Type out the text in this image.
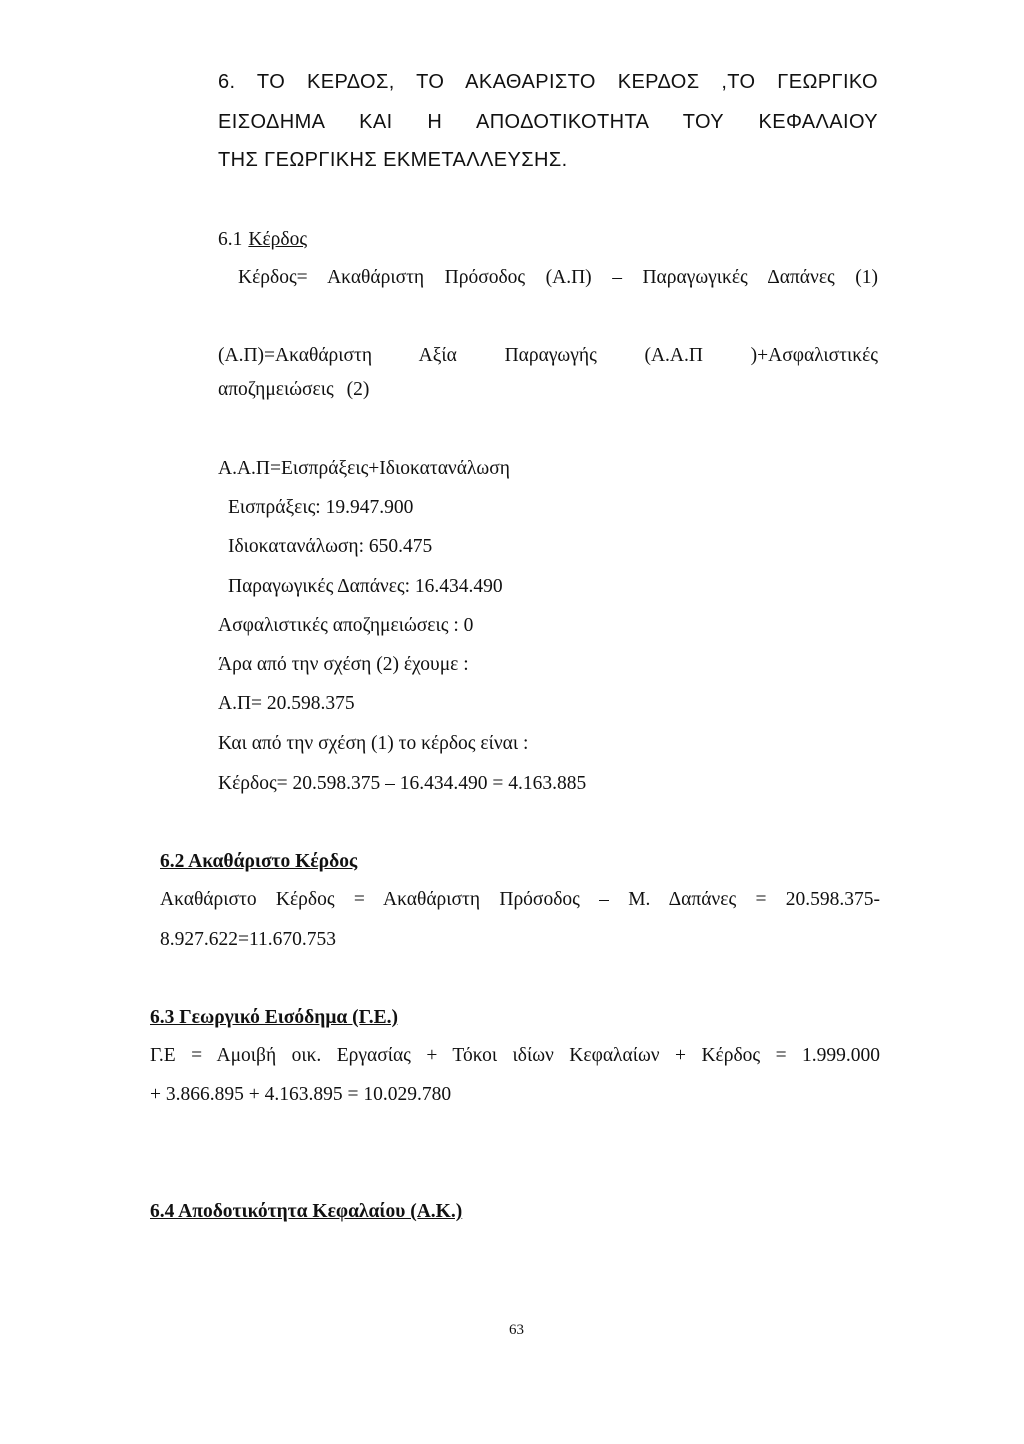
6. ΤΟ ΚΕΡΔΟΣ, ΤΟ ΑΚΑΘΑΡΙΣΤΟ ΚΕΡΔΟΣ ,ΤΟ ΓΕΩΡΓΙΚΟ
ΕΙΣΟΔΗΜΑ ΚΑΙ Η ΑΠΟΔΟΤΙΚΟΤΗΤΑ ΤΟΥ ΚΕΦΑΛΑΙΟΥ
ΤΗΣ ΓΕΩΡΓΙΚΗΣ ΕΚΜΕΤΑΛΛΕΥΣΗΣ.
6.1 Κέρδος
Κέρδος= Ακαθάριστη Πρόσοδος (Α.Π) – Παραγωγικές Δαπάνες (1)
(Α.Π)=Ακαθάριστη Αξία Παραγωγής (Α.Α.Π )+Ασφαλιστικές
αποζημειώσεις (2)
Α.Α.Π=Εισπράξεις+Ιδιοκατανάλωση
Εισπράξεις: 19.947.900
Ιδιοκατανάλωση: 650.475
Παραγωγικές Δαπάνες: 16.434.490
Ασφαλιστικές αποζημειώσεις : 0
Άρα από την σχέση (2) έχουμε :
Α.Π= 20.598.375
Και από την σχέση (1) το κέρδος είναι :
Κέρδος= 20.598.375 – 16.434.490 = 4.163.885
6.2 Ακαθάριστο Κέρδος
Ακαθάριστο Κέρδος = Ακαθάριστη Πρόσοδος – Μ. Δαπάνες = 20.598.375-
8.927.622=11.670.753
6.3 Γεωργικό Εισόδημα (Γ.Ε.)
Γ.Ε = Αμοιβή οικ. Εργασίας + Τόκοι ιδίων Κεφαλαίων + Κέρδος = 1.999.000
+ 3.866.895 + 4.163.895 = 10.029.780
6.4 Αποδοτικότητα Κεφαλαίου (Α.Κ.)
63
